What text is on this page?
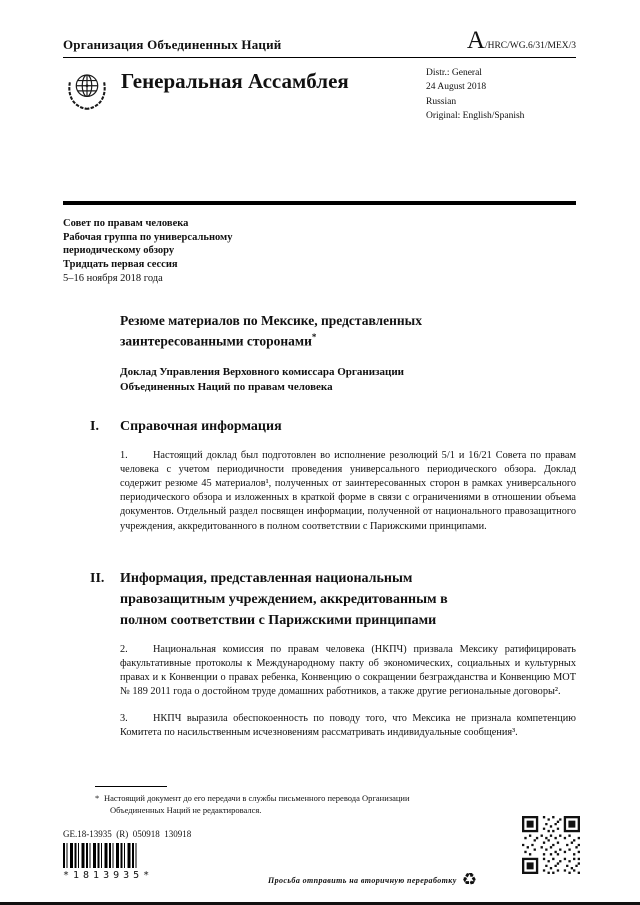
Организация Объединенных Наций	A/HRC/WG.6/31/MEX/3
Генеральная Ассамблея	Distr.: General
24 August 2018
Russian
Original: English/Spanish
Совет по правам человека
Рабочая группа по универсальному периодическому обзору
Тридцать первая сессия
5–16 ноября 2018 года
Резюме материалов по Мексике, представленных заинтересованными сторонами*
Доклад Управления Верховного комиссара Организации Объединенных Наций по правам человека
I.	Справочная информация
1. Настоящий доклад был подготовлен во исполнение резолюций 5/1 и 16/21 Совета по правам человека с учетом периодичности проведения универсального периодического обзора. Доклад содержит резюме 45 материалов¹, полученных от заинтересованных сторон в рамках универсального периодического обзора и изложенных в краткой форме в связи с ограничениями в отношении объема документов. Отдельный раздел посвящен информации, полученной от национального правозащитного учреждения, аккредитованного в полном соответствии с Парижскими принципами.
II.	Информация, представленная национальным правозащитным учреждением, аккредитованным в полном соответствии с Парижскими принципами
2. Национальная комиссия по правам человека (НКПЧ) призвала Мексику ратифицировать факультативные протоколы к Международному пакту об экономических, социальных и культурных правах и к Конвенции о правах ребенка, Конвенцию о сокращении безгражданства и Конвенцию МОТ № 189 2011 года о достойном труде домашних работников, а также другие региональные договоры².
3. НКПЧ выразила обеспокоенность по поводу того, что Мексика не признала компетенцию Комитета по насильственным исчезновениям рассматривать индивидуальные сообщения³.
* Настоящий документ до его передачи в службы письменного перевода Организации Объединенных Наций не редактировался.
GE.18-13935  (R)  050918  130918
*1813935*	Просьба отправить на вторичную переработку ♻
